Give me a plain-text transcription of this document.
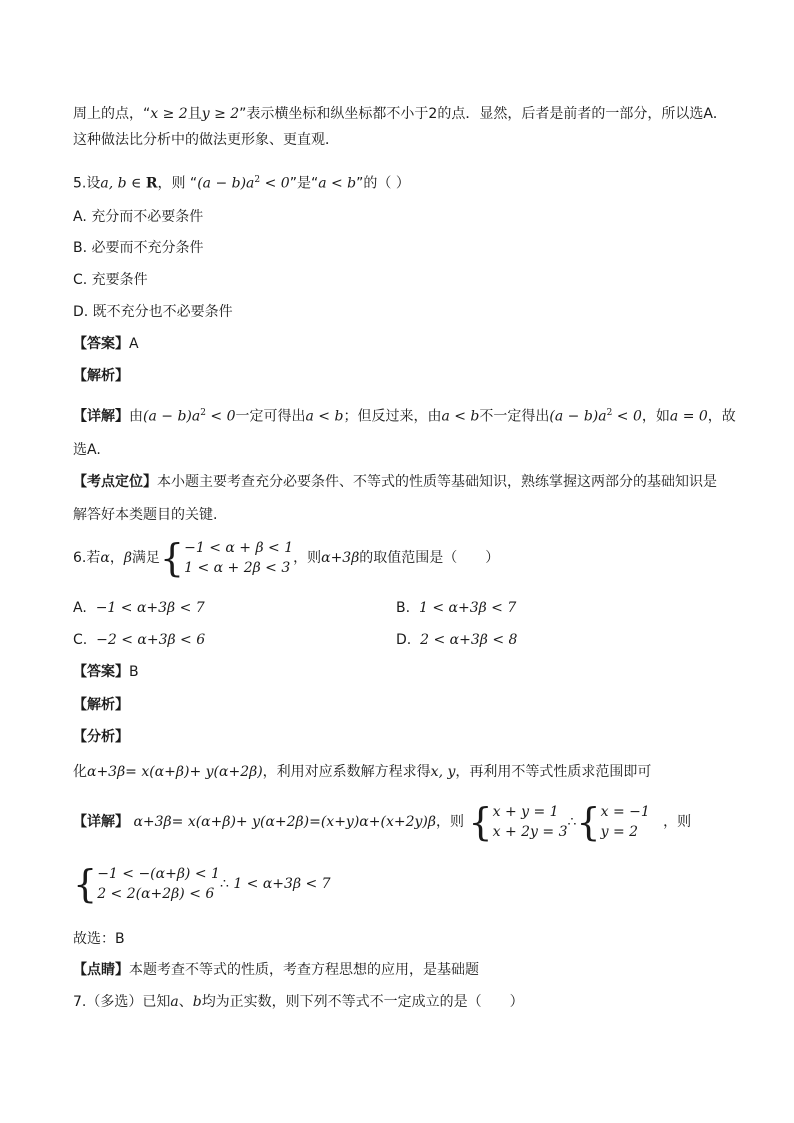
周上的点，“x ≥ 2且y ≥ 2”表示横坐标和纵坐标都不小于2的点．显然，后者是前者的一部分，所以选A．
这种做法比分析中的做法更形象、更直观．
5.设a, b ∈ R，则 “$(a - b)a^2 < 0$”是“a < b”的（ ）
A. 充分而不必要条件
B. 必要而不充分条件
C. 充要条件
D. 既不充分也不必要条件
【答案】A
【解析】
【详解】由$(a - b)a^2 < 0$一定可得出a < b；但反过来，由a < b不一定得出$(a - b)a^2 < 0$，如a = 0，故
选A.
【考点定位】本小题主要考查充分必要条件、不等式的性质等基础知识，熟练掌握这两部分的基础知识是
解答好本类题目的关键.
6.若α，β满足{ −1 < α + β < 1
1 < α + 2β < 3
，则α+3β的取值范围是（　　）
A. −1 < α+3β < 7	B. 1 < α+3β < 7
C. −2 < α+3β < 6	D. 2 < α+3β < 8
【答案】B
【解析】
【分析】
化α+3β= x(α+β)+ y(α+2β)，利用对应系数解方程求得x, y，再利用不等式性质求范围即可
【详解】 α+3β= x(α+β)+ y(α+2β)=(x+y)α+(x+2y)β，则 { x + y = 1
x + 2y = 3
∴{ x = −1
y = 2
，则
{ −1 < −(α+β) < 1
2 < 2(α+2β) < 6
∴ 1 < α+3β < 7
故选：B
【点睛】本题考查不等式的性质，考查方程思想的应用，是基础题
7.（多选）已知a、b均为正实数，则下列不等式不一定成立的是（　　）
